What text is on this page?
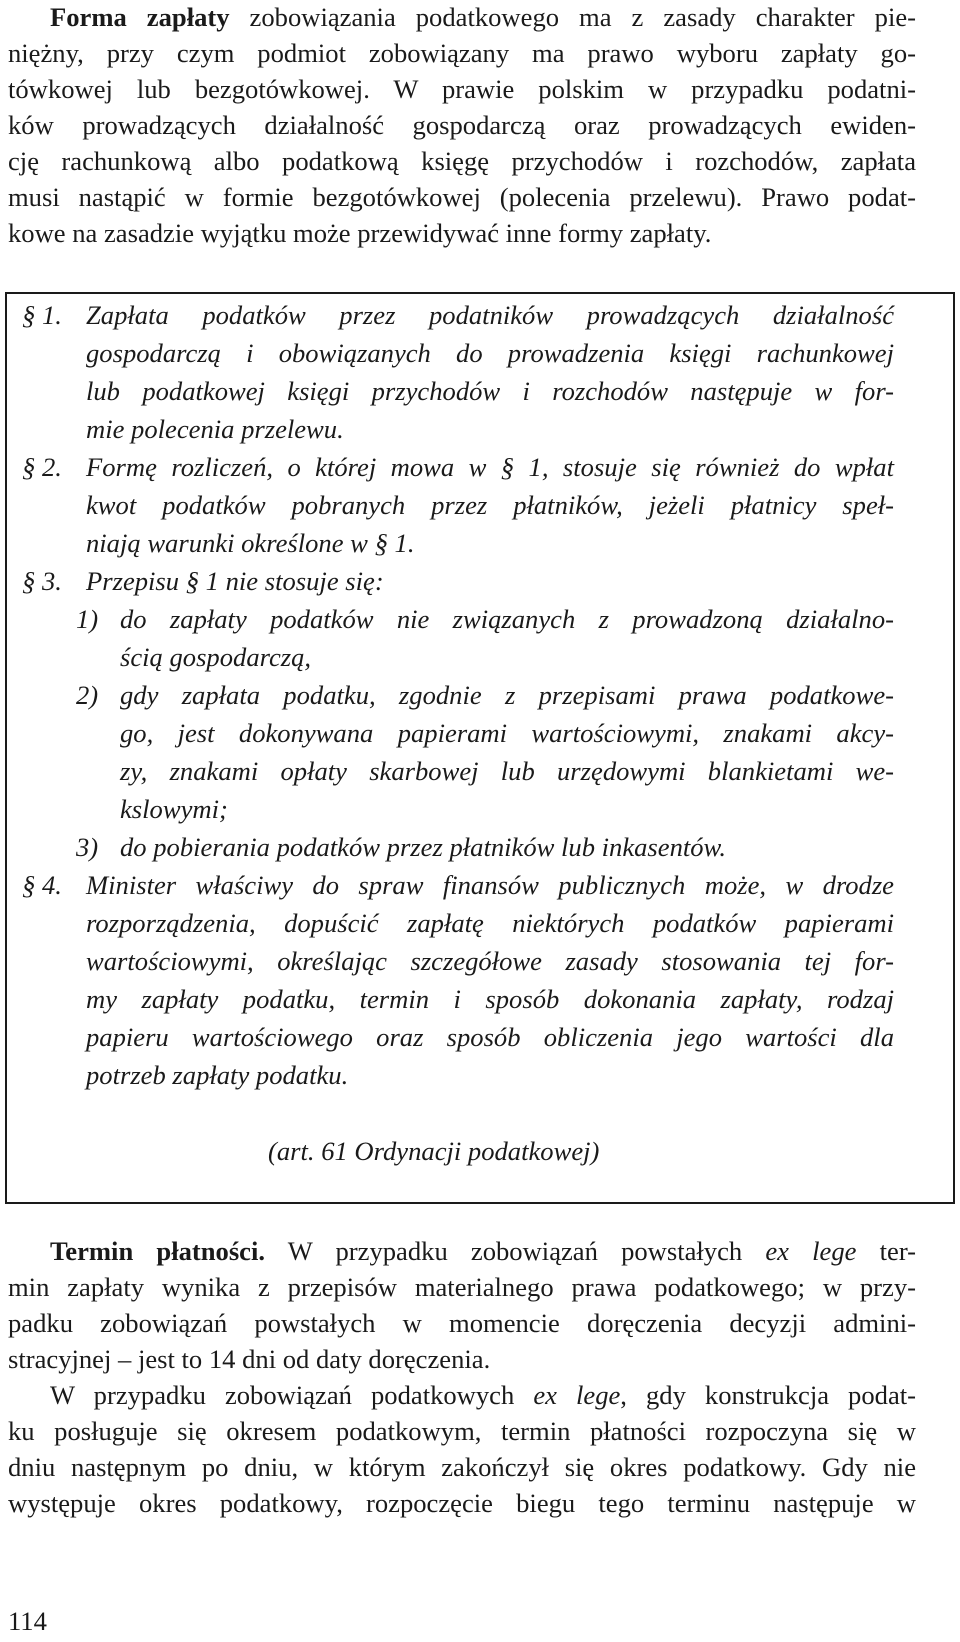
Forma zapłaty zobowiązania podatkowego ma z zasady charakter pie-
niężny, przy czym podmiot zobowiązany ma prawo wyboru zapłaty go-
tówkowej lub bezgotówkowej. W prawie polskim w przypadku podatni-
ków prowadzących działalność gospodarczą oraz prowadzących ewiden-
cję rachunkową albo podatkową księgę przychodów i rozchodów, zapłata
musi nastąpić w formie bezgotówkowej (polecenia przelewu). Prawo podat-
kowe na zasadzie wyjątku może przewidywać inne formy zapłaty.
§ 1. Zapłata podatków przez podatników prowadzących działalność
gospodarczą i obowiązanych do prowadzenia księgi rachunkowej
lub podatkowej księgi przychodów i rozchodów następuje w for-
mie polecenia przelewu.
§ 2. Formę rozliczeń, o której mowa w § 1, stosuje się również do wpłat
kwot podatków pobranych przez płatników, jeżeli płatnicy speł-
niają warunki określone w § 1.
§ 3. Przepisu § 1 nie stosuje się:
1) do zapłaty podatków nie związanych z prowadzoną działalno-
ścią gospodarczą,
2) gdy zapłata podatku, zgodnie z przepisami prawa podatkowe-
go, jest dokonywana papierami wartościowymi, znakami akcy-
zy, znakami opłaty skarbowej lub urzędowymi blankietami we-
kslowymi;
3) do pobierania podatków przez płatników lub inkasentów.
§ 4. Minister właściwy do spraw finansów publicznych może, w drodze
rozporządzenia, dopuścić zapłatę niektórych podatków papierami
wartościowymi, określając szczegółowe zasady stosowania tej for-
my zapłaty podatku, termin i sposób dokonania zapłaty, rodzaj
papieru wartościowego oraz sposób obliczenia jego wartości dla
potrzeb zapłaty podatku.
(art. 61 Ordynacji podatkowej)
Termin płatności. W przypadku zobowiązań powstałych ex lege ter-
min zapłaty wynika z przepisów materialnego prawa podatkowego; w przy-
padku zobowiązań powstałych w momencie doręczenia decyzji admini-
stracyjnej – jest to 14 dni od daty doręczenia.
W przypadku zobowiązań podatkowych ex lege, gdy konstrukcja podat-
ku posługuje się okresem podatkowym, termin płatności rozpoczyna się w
dniu następnym po dniu, w którym zakończył się okres podatkowy. Gdy nie
występuje okres podatkowy, rozpoczęcie biegu tego terminu następuje w
114
